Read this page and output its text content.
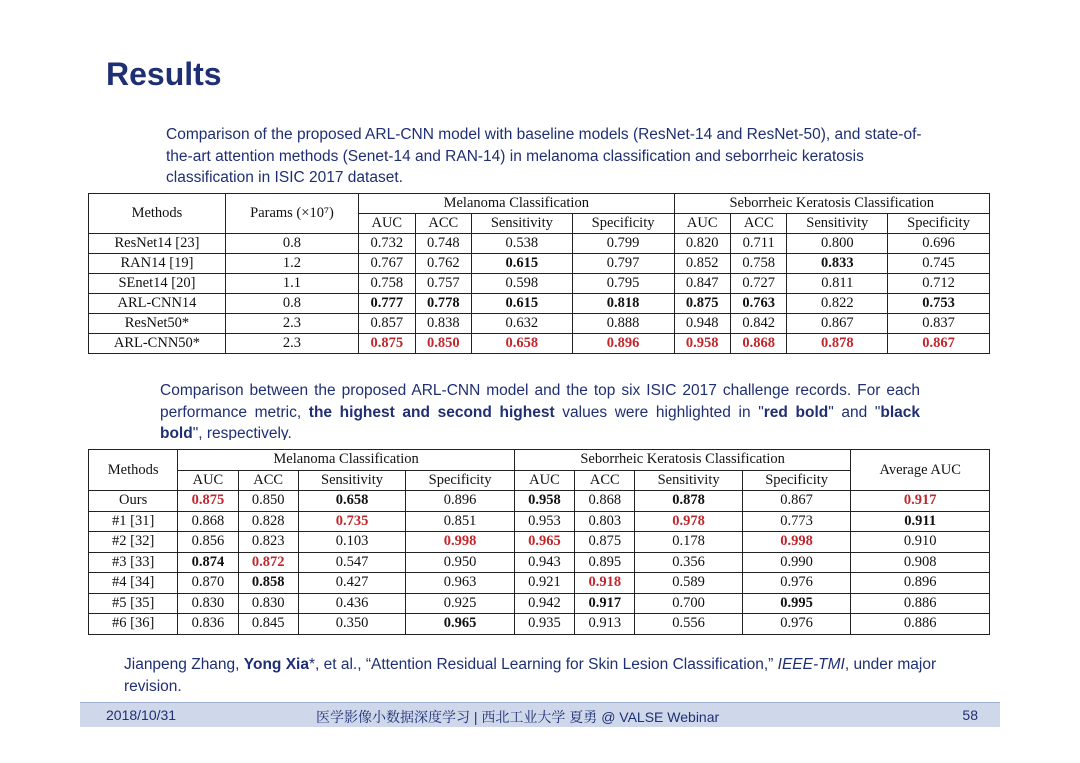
Results
Comparison of the proposed ARL-CNN model with baseline models (ResNet-14 and ResNet-50), and state-of-the-art attention methods (Senet-14 and RAN-14) in melanoma classification and seborrheic keratosis classification in ISIC 2017 dataset.
Methods	Params (×10⁷)	Melanoma Classification				Seborrheic Keratosis Classification			
		AUC	ACC	Sensitivity	Specificity	AUC	ACC	Sensitivity	Specificity
ResNet14 [23]	0.8	0.732	0.748	0.538	0.799	0.820	0.711	0.800	0.696
RAN14 [19]	1.2	0.767	0.762	0.615	0.797	0.852	0.758	0.833	0.745
SEnet14 [20]	1.1	0.758	0.757	0.598	0.795	0.847	0.727	0.811	0.712
ARL-CNN14	0.8	0.777	0.778	0.615	0.818	0.875	0.763	0.822	0.753
ResNet50*	2.3	0.857	0.838	0.632	0.888	0.948	0.842	0.867	0.837
ARL-CNN50*	2.3	0.875	0.850	0.658	0.896	0.958	0.868	0.878	0.867
Comparison between the proposed ARL-CNN model and the top six ISIC 2017 challenge records. For each performance metric, the highest and second highest values were highlighted in "red bold" and "black bold", respectively.
Methods	Melanoma Classification				Seborrheic Keratosis Classification				Average AUC
	AUC	ACC	Sensitivity	Specificity	AUC	ACC	Sensitivity	Specificity	
Ours	0.875	0.850	0.658	0.896	0.958	0.868	0.878	0.867	0.917
#1 [31]	0.868	0.828	0.735	0.851	0.953	0.803	0.978	0.773	0.911
#2 [32]	0.856	0.823	0.103	0.998	0.965	0.875	0.178	0.998	0.910
#3 [33]	0.874	0.872	0.547	0.950	0.943	0.895	0.356	0.990	0.908
#4 [34]	0.870	0.858	0.427	0.963	0.921	0.918	0.589	0.976	0.896
#5 [35]	0.830	0.830	0.436	0.925	0.942	0.917	0.700	0.995	0.886
#6 [36]	0.836	0.845	0.350	0.965	0.935	0.913	0.556	0.976	0.886
Jianpeng Zhang, Yong Xia*, et al., “Attention Residual Learning for Skin Lesion Classification,” IEEE-TMI, under major revision.
2018/10/31	医学影像小数据深度学习 | 西北工业大学 夏勇 @ VALSE Webinar	58
